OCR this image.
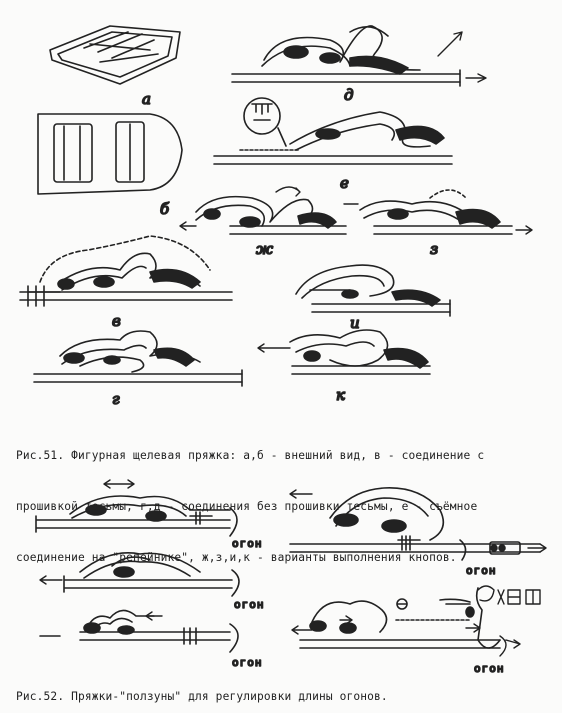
а
б
д
е
ж	з
в	и
г	к
огон
огон
огон
огон	огон

Рис.51. Фигурная щелевая пряжка: а,б - внешний вид, в - соединение с

прошивкой тесьмы, г,д - соединения без прошивки тесьмы, е - съёмное

соединение на "репейнике", ж,з,и,к - варианты выполнения кнопов.

Рис.52. Пряжки-"ползуны" для регулировки длины огонов.
